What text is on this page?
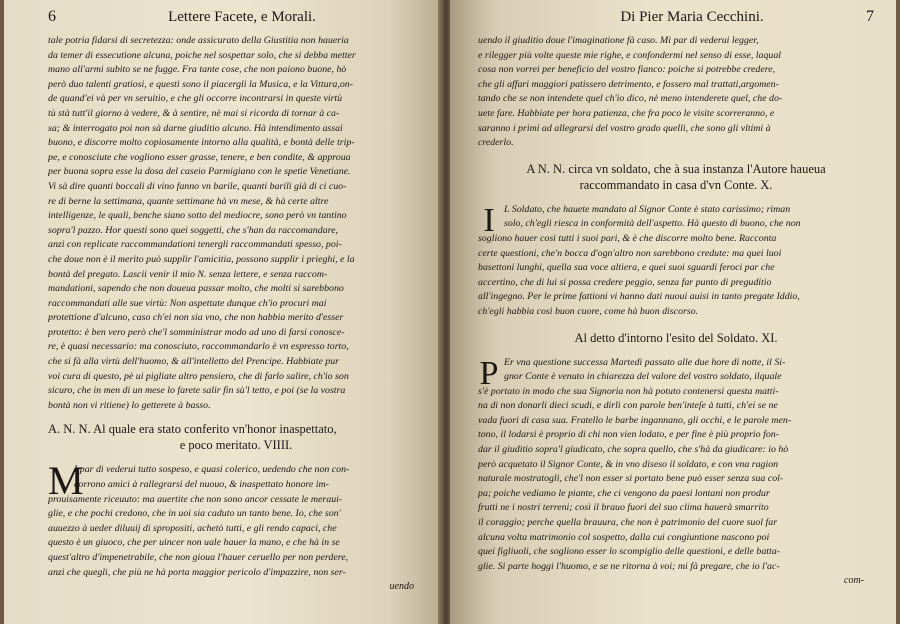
6	Lettere Facete, e Morali.
tale potria fidarsi di secretezza: onde assicurato della Giustitia non haueria
da temer di essecutione alcuna, poiche nel sospettar solo, che si debba metter
mano all'armi subito se ne fugge. Fra tante cose, che non paiono buone, hò
però duo talenti gratiosi, e questi sono il piacergli la Musica, e la Vittura,on-
de quand'ei và per vn seruitio, e che gli occorre incontrarsi in queste virtù
tù stà tutt'il giorno à vedere, & à sentire, nè mai si ricorda di tornar à ca-
sa; & interrogato poi non sà darne giuditio alcuno. Hà intendimento assai
buono, e discorre molto copiosamente intorno alla qualità, e bontà delle trip-
pe, e conosciute che vogliono esser grasse, tenere, e ben condite, & approua
per buona sopra esse la dosa del caseio Parmigiano con le spetie Venetiane.
Vi sà dire quanti boccali di vino fanno vn barile, quanti barili già di ci cuo-
re di berne la settimana, quante settimane hà vn mese, & hà certe altre
intelligenze, le quali, benche siano sotto del mediocre, sono però vn tantino
sopra'l pazzo. Hor questi sono quei soggetti, che s'han da raccomandare,
anzi con replicate raccommandationi tenergli raccommandati spesso, poi-
che doue non è il merito può supplir l'amicitia, possono supplir i prieghi, e la
bontà del pregato. Lascii venir il mio N. senza lettere, e senza raccom-
mandationi, sapendo che non doueua passar molto, che molti si sarebbono
raccommandati alle sue virtù: Non aspettate dunque ch'io procuri mai
protettione d'alcuno, caso ch'ei non sia vno, che non habbia merito d'esser
protetto: è ben vero però che'l somministrar modo ad uno di farsi conosce-
re, è quasi necessario: ma conosciuto, raccommandarlo è vn espresso torto,
che si fà alla virtù dell'huomo, & all'intelletto del Prencipe. Habbiate pur
voi cura di questo, pè ui pigliate altro pensiero, che di farlo salire, ch'io son
sicuro, che in men di un mese lo farete salir fin sù'l tetto, e poi (se la vostra
bontà non vi ritiene) lo getterete à basso.
A. N. N. Al quale era stato conferito vn'honor inaspettato,
e poco meritato. VIIII.
M
I par di vederui tutto sospeso, e quasi colerico, uedendo che non con-
corrono amici à rallegrarsi del nuouo, & inaspettato honore im-
prouisamente riceuuto: ma auertite che non sono ancor cessate le meraui-
glie, e che pochi credono, che in uoi sia caduto un tanto bene. Io, che son'
auuezzo à ueder diluuij di spropositi, achetò tutti, e gli rendo capaci, che
questo è un giuoco, che per uincer non uale hauer la mano, e che hà in se
quest'altro d'impenetrabile, che non gioua l'hauer ceruello per non perdere,
anzi che quegli, che più ne hà porta maggior pericolo d'impazzire, non ser-
uendo
Di Pier Maria Cecchini.	7
uendo il giuditio doue l'imaginatione fà caso. Mi par di vederui legger,
e rilegger più volte queste mie righe, e confondermi nel senso di esse, laqual
cosa non vorrei per beneficio del vostro fianco: poiche si potrebbe credere,
che gli affari maggiori patissero detrimento, e fossero mal trattati,argomen-
tando che se non intendete quel ch'io dico, nè meno intenderete quel, che do-
uete fare. Habbiate per hora patienza, che fra poco le visite scorreranno, e
saranno i primi ad allegrarsi del vostro grado quelli, che sono gli vltimi à
crederlo.
A N. N. circa vn soldato, che à sua instanza l'Autore haueua
raccommandato in casa d'vn Conte. X.
I L Soldato, che hauete mandato al Signor Conte è stato carissimo; riman
solo, ch'egli riesca in conformità dell'aspetto. Hà questo di buono, che non
sogliono hauer così tutti i suoi pari, & è che discorre molto bene. Racconta
certe questioni, che'n bocca d'ogn'altro non sarebbono credute: ma quei luoi
basettoni lunghi, quella sua voce altiera, e quei suoi sguardi feroci par che
accertino, che di lui si possa credere peggio, senza far punto di preguditio
all'ingegno. Per le prime fattioni vi hanno dati nuoui auisi in tanto pregate Iddio,
ch'egli habbia così buon cuore, come hà buon discorso.
Al detto d'intorno l'esito del Soldato. XI.
P Er vna questione successa Martedì passato alle due hore di notte, il Si-
gnor Conte è venuto in chiarezza del valore del vostro soldato, ilquale
s'è portato in modo che sua Signoria non hà potuto contenersi questa matti-
na di non donarli dieci scudi, e dirli con parole ben'inteſe à tutti, ch'ei se ne
vada fuori di casa sua. Fratello le barbe ingannano, gli occhi, e le parole men-
tono, il lodarsi è proprio di chi non vien lodato, e per fine è più proprio fon-
dar il giuditio sopra'l giudicato, che sopra quello, che s'hà da giudicare: io hò
però acquetato il Signor Conte, & in vno diseso il soldato, e con vna ragion
naturale mostratogli, che'l non esser si portato bene può esser senza sua col-
pa; poiche vediamo le piante, che ci vengono da paesi lontani non produr
frutti ne i nostri terreni; così il brauo fuori del suo clima hauerà smarrito
il coraggio; perche quella brauura, che non è patrimonio del cuore suol far
alcuna volta matrimonio col sospetto, dalla cui congiuntione nascono poi
quei figliuoli, che sogliono esser lo scompiglio delle questioni, e delle batta-
glie. Si parte hoggi l'huomo, e se ne ritorna à voi; mi fà pregare, che io l'ac-
com-
